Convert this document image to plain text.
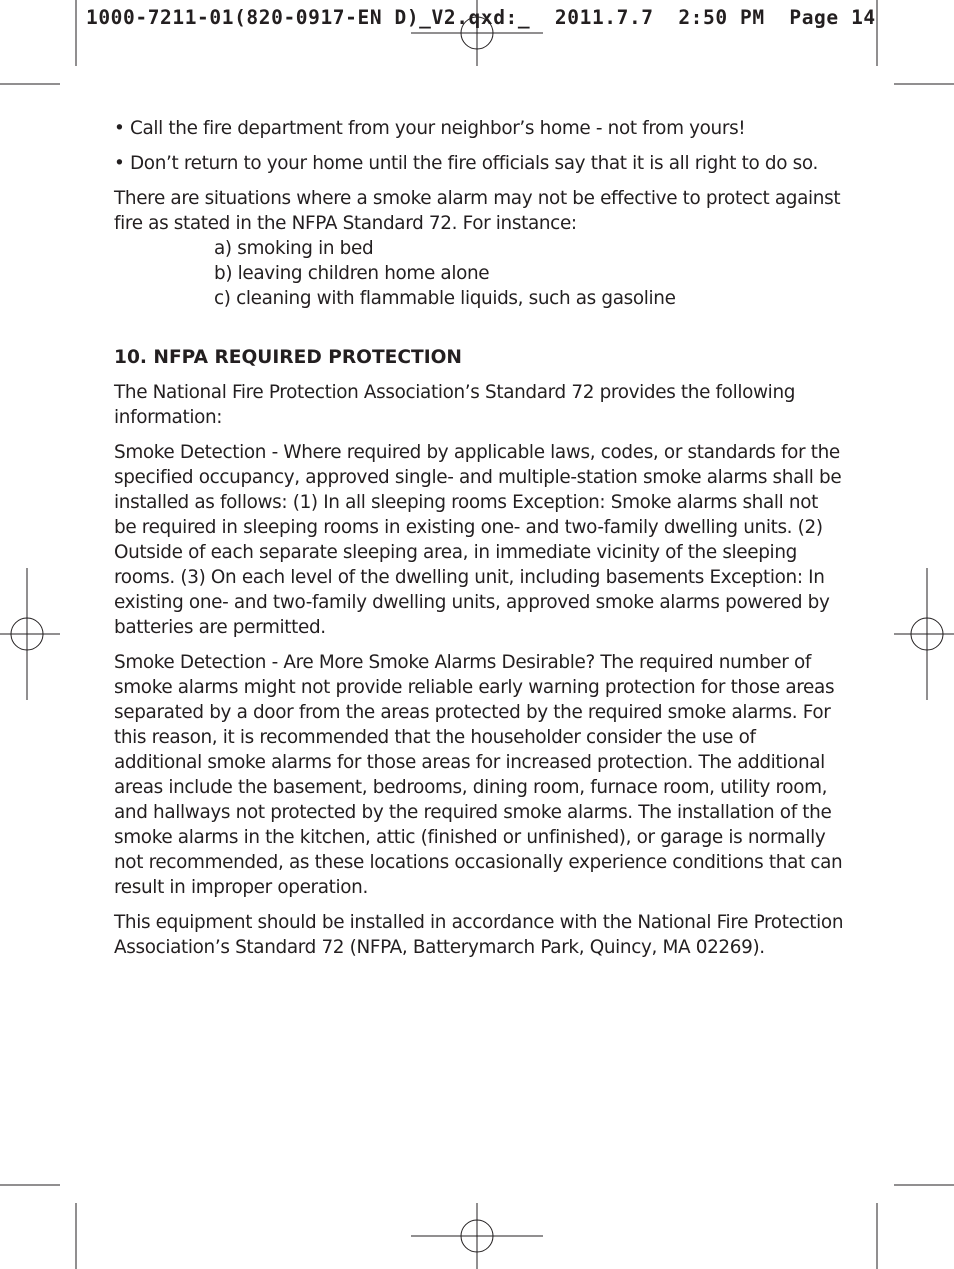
1000-7211-01(820-0917-EN D)_V2.qxd:_  2011.7.7  2:50 PM  Page 14

• Call the fire department from your neighbor’s home - not from yours!

• Don’t return to your home until the fire officials say that it is all right to do so.

There are situations where a smoke alarm may not be effective to protect against fire as stated in the NFPA Standard 72. For instance:

a) smoking in bed
b) leaving children home alone
c) cleaning with flammable liquids, such as gasoline

10. NFPA REQUIRED PROTECTION

The National Fire Protection Association’s Standard 72 provides the following information:

Smoke Detection - Where required by applicable laws, codes, or standards for the specified occupancy, approved single- and multiple-station smoke alarms shall be installed as follows: (1) In all sleeping rooms Exception: Smoke alarms shall not be required in sleeping rooms in existing one- and two-family dwelling units. (2) Outside of each separate sleeping area, in immediate vicinity of the sleeping rooms. (3) On each level of the dwelling unit, including basements Exception: In existing one- and two-family dwelling units, approved smoke alarms powered by batteries are permitted.

Smoke Detection - Are More Smoke Alarms Desirable? The required number of smoke alarms might not provide reliable early warning protection for those areas separated by a door from the areas protected by the required smoke alarms. For this reason, it is recommended that the householder consider the use of additional smoke alarms for those areas for increased protection. The additional areas include the basement, bedrooms, dining room, furnace room, utility room, and hallways not protected by the required smoke alarms. The installation of the smoke alarms in the kitchen, attic (finished or unfinished), or garage is normally not recommended, as these locations occasionally experience conditions that can result in improper operation.

This equipment should be installed in accordance with the National Fire Protection Association’s Standard 72 (NFPA, Batterymarch Park, Quincy, MA 02269).
